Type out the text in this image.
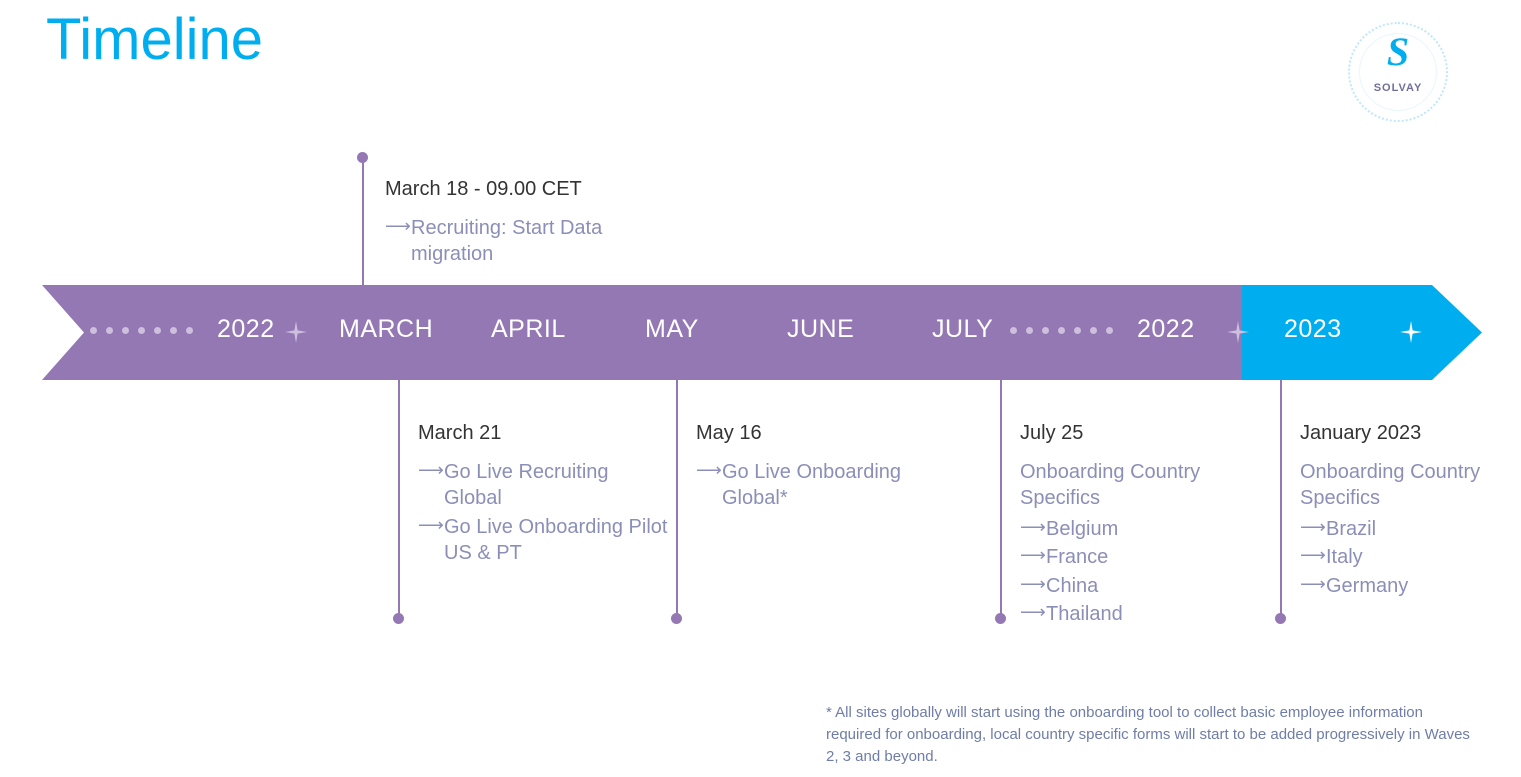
Timeline	S
SOLVAY
2022	MARCH APRIL	MAY	JUNE	JULY	2022	2023
March 18 - 09.00 CET
⟶ Recruiting: Start Data migration
March 21
⟶ Go Live Recruiting Global
⟶ Go Live Onboarding Pilot US & PT
May 16
⟶ Go Live Onboarding Global*
July 25
Onboarding Country Specifics
⟶ Belgium
⟶ France
⟶ China
⟶ Thailand
January 2023
Onboarding Country Specifics
⟶ Brazil
⟶ Italy
⟶ Germany
* All sites globally will start using the onboarding tool to collect basic employee information required for onboarding, local country specific forms will start to be added progressively in Waves 2, 3 and beyond.
